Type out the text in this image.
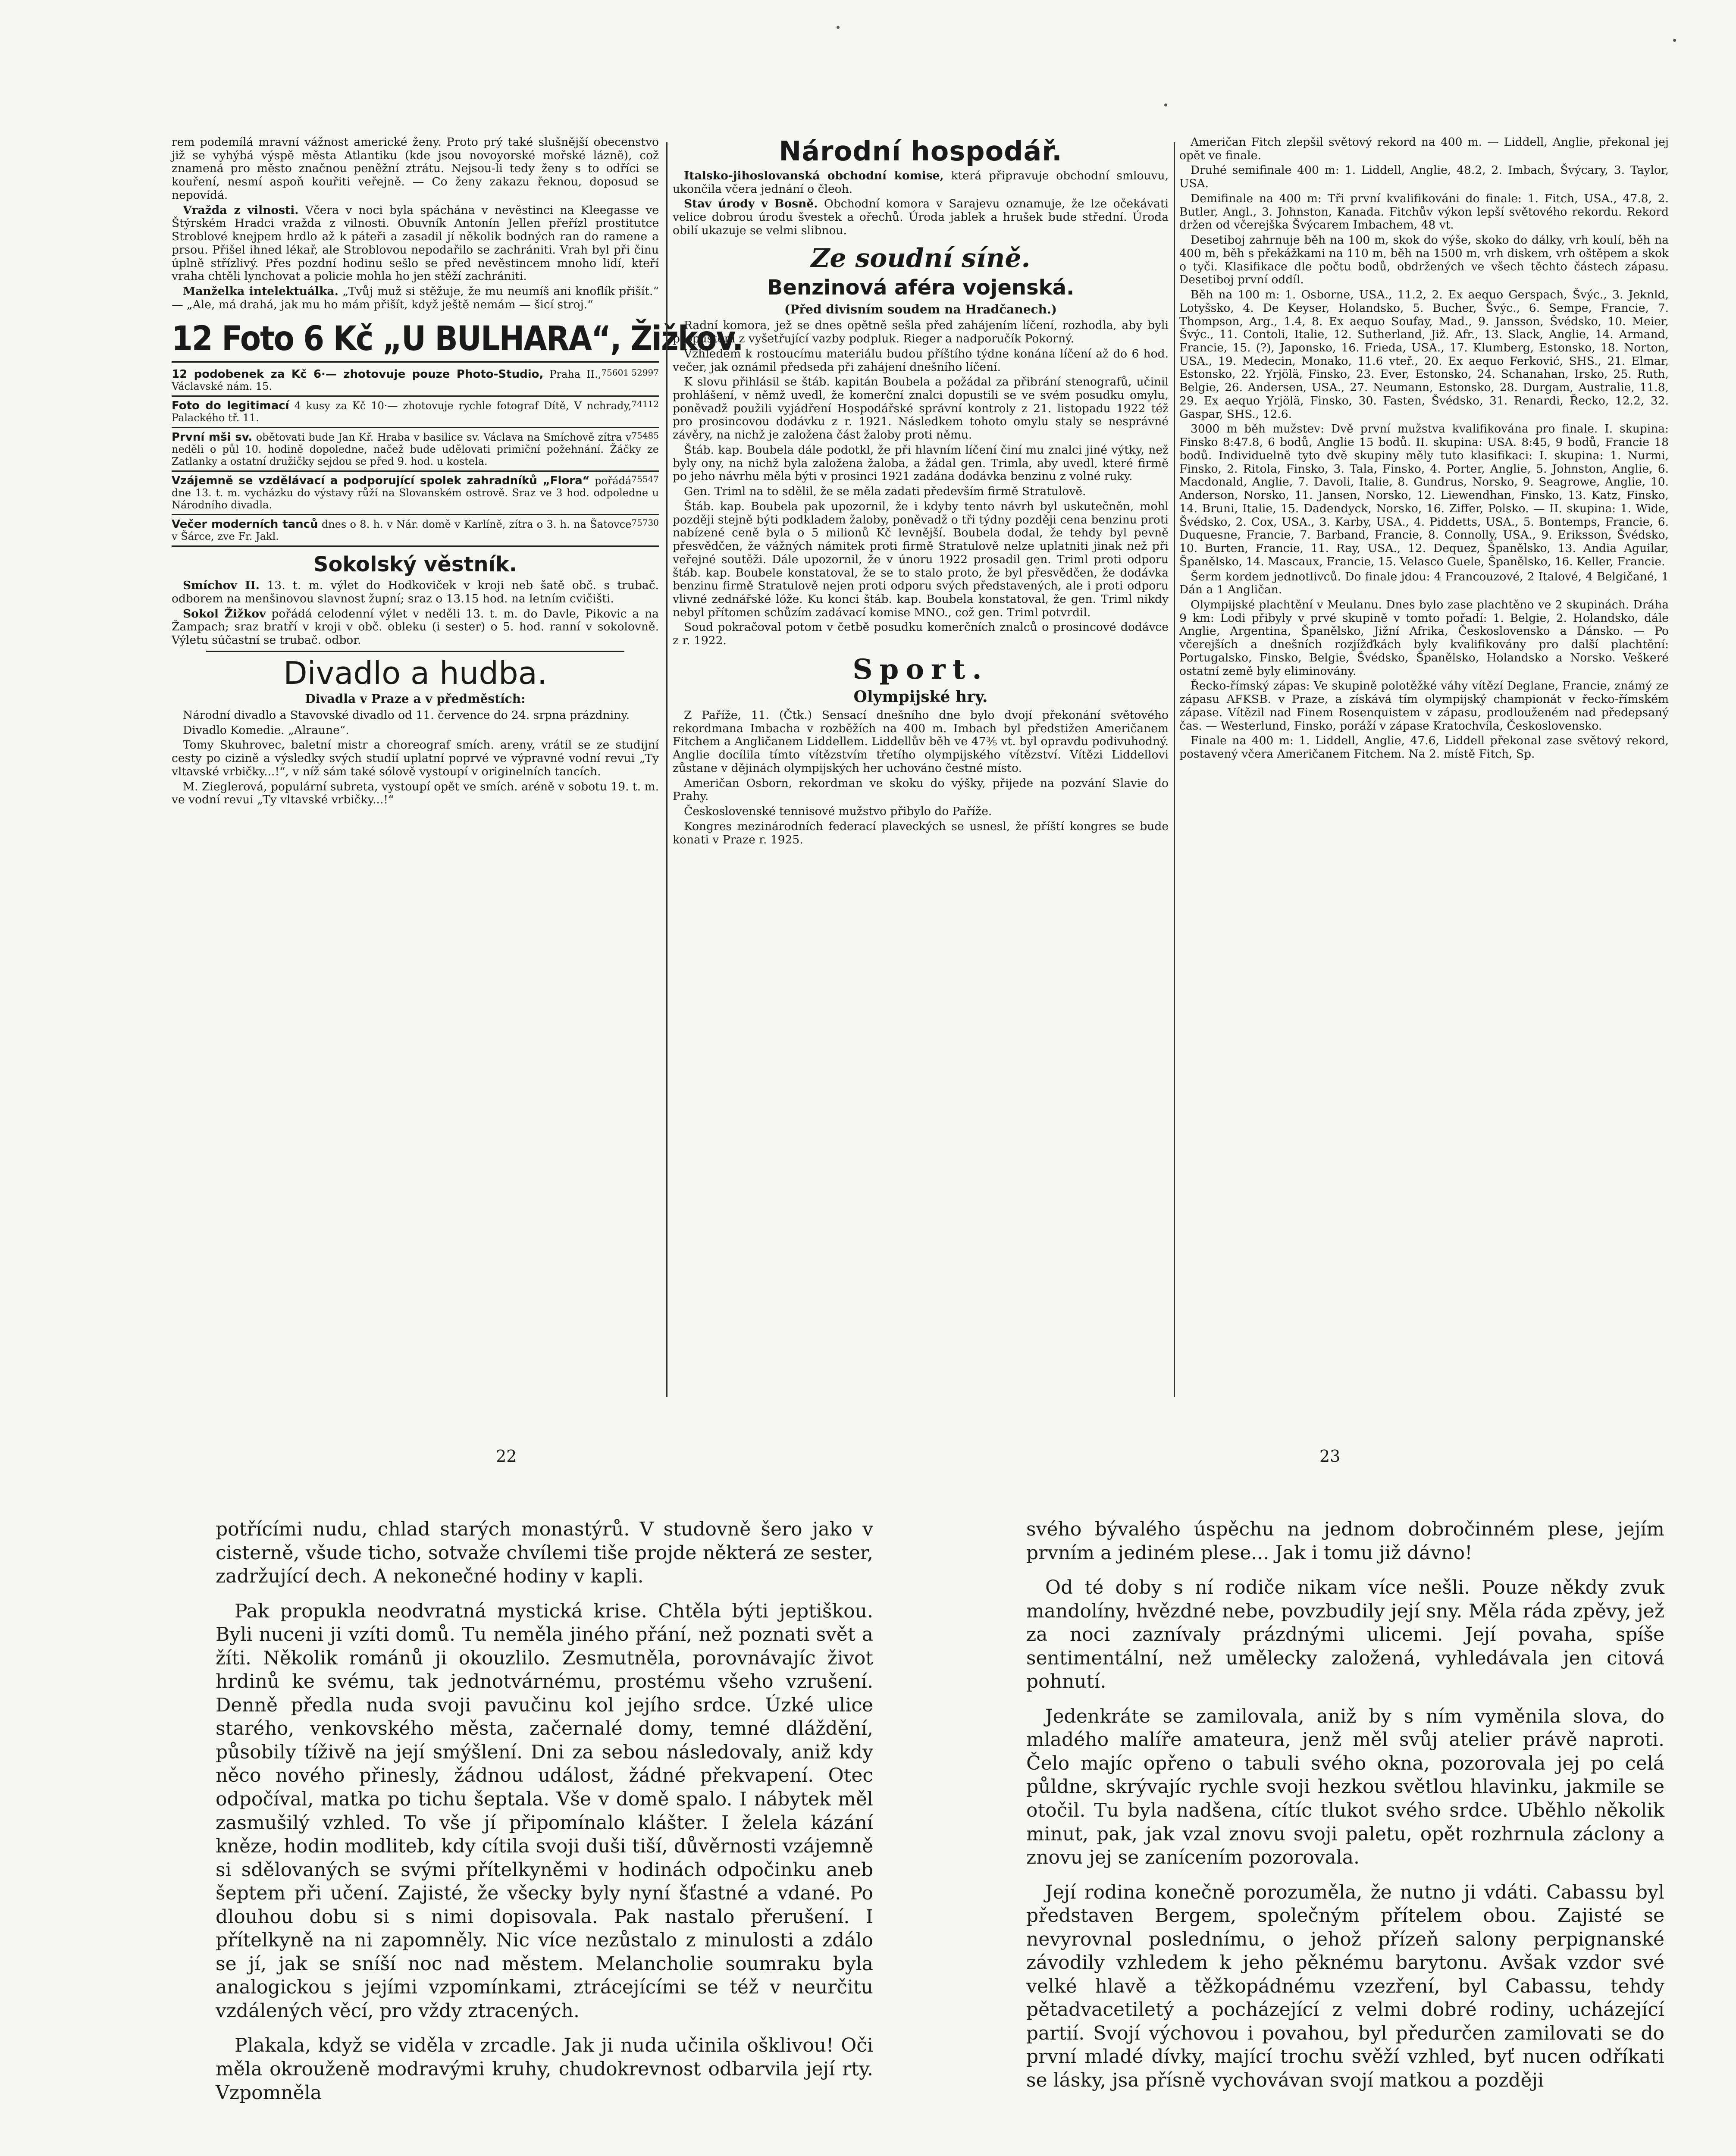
rem podemílá mravní vážnost americké ženy. Proto prý také slušnější obecenstvo již se vyhýbá výspě města Atlantiku (kde jsou novoyorské mořské lázně), což znamená pro město značnou peněžní ztrátu. Nejsou-li tedy ženy s to odříci se kouření, nesmí aspoň kouřiti veřejně. — Co ženy zakazu řeknou, doposud se nepovídá.

Vražda z vilnosti. Včera v noci byla spáchána v nevěstinci na Kleegasse ve Štýrském Hradci vražda z vilnosti. Obuvník Antonín Jellen přeřízl prostitutce Stroblové knejpem hrdlo až k páteři a zasadil jí několik bodných ran do ramene a prsou. Přišel ihned lékař, ale Stroblovou nepodařilo se zachrániti. Vrah byl při činu úplně střízlivý. Přes pozdní hodinu sešlo se před nevěstincem mnoho lidí, kteří vraha chtěli lynchovat a policie mohla ho jen stěží zachrániti.

Manželka intelektuálka. „Tvůj muž si stěžuje, že mu neumíš ani knoflík přišít.“ — „Ale, má drahá, jak mu ho mám přišít, když ještě nemám — šicí stroj.“

12 Foto 6 Kč „U BULHARA“, Žižkov.
75601 52997
12 podobenek za Kč 6·— zhotovuje pouze Photo-Studio, Praha II., Václavské nám. 15.
74112
Foto do legitimací 4 kusy za Kč 10·— zhotovuje rychle fotograf Dítě, V nchrady, Palackého tř. 11.
75485
První mši sv. obětovati bude Jan Kř. Hraba v basilice sv. Václava na Smíchově zítra v neděli o půl 10. hodině dopoledne, načež bude udělovati primiční požehnání. Žáčky ze Zatlanky a ostatní družičky sejdou se před 9. hod. u kostela.
75547
Vzájemně se vzdělávací a podporující spolek zahradníků „Flora“ pořádá dne 13. t. m. vycházku do výstavy růží na Slovanském ostrově. Sraz ve 3 hod. odpoledne u Národního divadla.
75730
Večer moderních tanců dnes o 8. h. v Nár. domě v Karlíně, zítra o 3. h. na Šatovce v Šárce, zve Fr. Jakl.
Sokolský věstník.

Smíchov II. 13. t. m. výlet do Hodkoviček v kroji neb šatě obč. s trubač. odborem na menšinovou slavnost župní; sraz o 13.15 hod. na letním cvičišti.

Sokol Žižkov pořádá celodenní výlet v neděli 13. t. m. do Davle, Pikovic a na Žampach; sraz bratří v kroji v obč. obleku (i sester) o 5. hod. ranní v sokolovně. Výletu súčastní se trubač. odbor.

Divadlo a hudba.
Divadla v Praze a v předměstích:

Národní divadlo a Stavovské divadlo od 11. července do 24. srpna prázdniny.

Divadlo Komedie. „Alraune“.

Tomy Skuhrovec, baletní mistr a choreograf smích. areny, vrátil se ze studijní cesty po cizině a výsledky svých studií uplatní poprvé ve výpravné vodní revui „Ty vltavské vrbičky...!“, v níž sám také sólově vystoupí v originelních tancích.

M. Zieglerová, populární subreta, vystoupí opět ve smích. aréně v sobotu 19. t. m. ve vodní revui „Ty vltavské vrbičky...!“

Národní hospodář.

Italsko-jihoslovanská obchodní komise, která připravuje obchodní smlouvu, ukončila včera jednání o čleoh.

Stav úrody v Bosně. Obchodní komora v Sarajevu oznamuje, že lze očekávati velice dobrou úrodu švestek a ořechů. Úroda jablek a hrušek bude střední. Úroda obilí ukazuje se velmi slibnou.

Ze soudní síně.
Benzinová aféra vojenská.
(Před divisním soudem na Hradčanech.)

Radní komora, jež se dnes opětně sešla před zahájením líčení, rozhodla, aby byli propuštěni z vyšetřující vazby podpluk. Rieger a nadporučík Pokorný.

Vzhledem k rostoucímu materiálu budou příštího týdne konána líčení až do 6 hod. večer, jak oznámil předseda při zahájení dnešního líčení.

K slovu přihlásil se štáb. kapitán Boubela a požádal za přibrání stenografů, učinil prohlášení, v němž uvedl, že komerční znalci dopustili se ve svém posudku omylu, poněvadž použili vyjádření Hospodářské správní kontroly z 21. listopadu 1922 též pro prosincovou dodávku z r. 1921. Následkem tohoto omylu staly se nesprávné závěry, na nichž je založena část žaloby proti němu.

Štáb. kap. Boubela dále podotkl, že při hlavním líčení činí mu znalci jiné výtky, než byly ony, na nichž byla založena žaloba, a žádal gen. Trimla, aby uvedl, které firmě po jeho návrhu měla býti v prosinci 1921 zadána dodávka benzinu z volné ruky.

Gen. Triml na to sdělil, že se měla zadati především firmě Stratulově.

Štáb. kap. Boubela pak upozornil, že i kdyby tento návrh byl uskutečněn, mohl později stejně býti podkladem žaloby, poněvadž o tři týdny později cena benzinu proti nabízené ceně byla o 5 milionů Kč levnější. Boubela dodal, že tehdy byl pevně přesvědčen, že vážných námitek proti firmě Stratulově nelze uplatniti jinak než při veřejné soutěži. Dále upozornil, že v únoru 1922 prosadil gen. Triml proti odporu štáb. kap. Boubele konstatoval, že se to stalo proto, že byl přesvědčen, že dodávka benzinu firmě Stratulově nejen proti odporu svých představených, ale i proti odporu vlivné zednářské lóže. Ku konci štáb. kap. Boubela konstatoval, že gen. Triml nikdy nebyl přítomen schůzím zadávací komise MNO., což gen. Triml potvrdil.

Soud pokračoval potom v četbě posudku komerčních znalců o prosincové dodávce z r. 1922.

Sport.
Olympijské hry.

Z Paříže, 11. (Čtk.) Sensací dnešního dne bylo dvojí překonání světového rekordmana Imbacha v rozběžích na 400 m. Imbach byl předstižen Američanem Fitchem a Angličanem Liddellem. Liddellův běh ve 47⅗ vt. byl opravdu podivuhodný. Anglie docílila tímto vítězstvím třetího olympijského vítězství. Vítězi Liddellovi zůstane v dějinách olympijských her uchováno čestné místo.

Američan Osborn, rekordman ve skoku do výšky, přijede na pozvání Slavie do Prahy.

Československé tennisové mužstvo přibylo do Paříže.

Kongres mezinárodních federací plaveckých se usnesl, že příští kongres se bude konati v Praze r. 1925.

Američan Fitch zlepšil světový rekord na 400 m. — Liddell, Anglie, překonal jej opět ve finale.

Druhé semifinale 400 m: 1. Liddell, Anglie, 48.2, 2. Imbach, Švýcary, 3. Taylor, USA.

Demifinale na 400 m: Tři první kvalifikováni do finale: 1. Fitch, USA., 47.8, 2. Butler, Angl., 3. Johnston, Kanada. Fitchův výkon lepší světového rekordu. Rekord držen od včerejška Švýcarem Imbachem, 48 vt.

Desetiboj zahrnuje běh na 100 m, skok do výše, skoko do dálky, vrh koulí, běh na 400 m, běh s překážkami na 110 m, běh na 1500 m, vrh diskem, vrh oštěpem a skok o tyči. Klasifikace dle počtu bodů, obdržených ve všech těchto částech zápasu. Desetiboj první oddíl.

Běh na 100 m: 1. Osborne, USA., 11.2, 2. Ex aequo Gerspach, Švýc., 3. Jeknld, Lotyšsko, 4. De Keyser, Holandsko, 5. Bucher, Švýc., 6. Sempe, Francie, 7. Thompson, Arg., 1.4, 8. Ex aequo Soufay, Mad., 9. Jansson, Švédsko, 10. Meier, Švýc., 11. Contoli, Italie, 12. Sutherland, Již. Afr., 13. Slack, Anglie, 14. Armand, Francie, 15. (?), Japonsko, 16. Frieda, USA., 17. Klumberg, Estonsko, 18. Norton, USA., 19. Medecin, Monako, 11.6 vteř., 20. Ex aequo Ferković, SHS., 21. Elmar, Estonsko, 22. Yrjölä, Finsko, 23. Ever, Estonsko, 24. Schanahan, Irsko, 25. Ruth, Belgie, 26. Andersen, USA., 27. Neumann, Estonsko, 28. Durgam, Australie, 11.8, 29. Ex aequo Yrjölä, Finsko, 30. Fasten, Švédsko, 31. Renardi, Řecko, 12.2, 32. Gaspar, SHS., 12.6.

3000 m běh mužstev: Dvě první mužstva kvalifikována pro finale. I. skupina: Finsko 8:47.8, 6 bodů, Anglie 15 bodů. II. skupina: USA. 8:45, 9 bodů, Francie 18 bodů. Individuelně tyto dvě skupiny měly tuto klasifikaci: I. skupina: 1. Nurmi, Finsko, 2. Ritola, Finsko, 3. Tala, Finsko, 4. Porter, Anglie, 5. Johnston, Anglie, 6. Macdonald, Anglie, 7. Davoli, Italie, 8. Gundrus, Norsko, 9. Seagrowe, Anglie, 10. Anderson, Norsko, 11. Jansen, Norsko, 12. Liewendhan, Finsko, 13. Katz, Finsko, 14. Bruni, Italie, 15. Dadendyck, Norsko, 16. Ziffer, Polsko. — II. skupina: 1. Wide, Švédsko, 2. Cox, USA., 3. Karby, USA., 4. Piddetts, USA., 5. Bontemps, Francie, 6. Duquesne, Francie, 7. Barband, Francie, 8. Connolly, USA., 9. Eriksson, Švédsko, 10. Burten, Francie, 11. Ray, USA., 12. Dequez, Španělsko, 13. Andia Aguilar, Španělsko, 14. Mascaux, Francie, 15. Velasco Guele, Španělsko, 16. Keller, Francie.

Šerm kordem jednotlivců. Do finale jdou: 4 Francouzové, 2 Italové, 4 Belgičané, 1 Dán a 1 Angličan.

Olympijské plachtění v Meulanu. Dnes bylo zase plachtěno ve 2 skupinách. Dráha 9 km: Lodi přibyly v prvé skupině v tomto pořadí: 1. Belgie, 2. Holandsko, dále Anglie, Argentina, Španělsko, Jižní Afrika, Československo a Dánsko. — Po včerejších a dnešních rozjížďkách byly kvalifikovány pro další plachtění: Portugalsko, Finsko, Belgie, Švédsko, Španělsko, Holandsko a Norsko. Veškeré ostatní země byly eliminovány.

Řecko-římský zápas: Ve skupině polotěžké váhy vítězí Deglane, Francie, známý ze zápasu AFKSB. v Praze, a získává tím olympijský championát v řecko-římském zápase. Vítězil nad Finem Rosenquistem v zápasu, prodlouženém nad předepsaný čas. — Westerlund, Finsko, poráží v zápase Kratochvíla, Československo.

Finale na 400 m: 1. Liddell, Anglie, 47.6, Liddell překonal zase světový rekord, postavený včera Američanem Fitchem. Na 2. místě Fitch, Sp.

22	23

potřícími nudu, chlad starých monastýrů. V studovně šero jako v cisterně, všude ticho, sotvaže chvílemi tiše projde některá ze sester, zadržující dech. A nekonečné hodiny v kapli.

Pak propukla neodvratná mystická krise. Chtěla býti jeptiškou. Byli nuceni ji vzíti domů. Tu neměla jiného přání, než poznati svět a žíti. Několik románů ji okouzlilo. Zesmutněla, porovnávajíc život hrdinů ke svému, tak jednotvárnému, prostému všeho vzrušení. Denně předla nuda svoji pavučinu kol jejího srdce. Úzké ulice starého, venkovského města, začernalé domy, temné dláždění, působily tíživě na její smýšlení. Dni za sebou následovaly, aniž kdy něco nového přinesly, žádnou událost, žádné překvapení. Otec odpočíval, matka po tichu šeptala. Vše v domě spalo. I nábytek měl zasmušilý vzhled. To vše jí připomínalo klášter. I želela kázání kněze, hodin modliteb, kdy cítila svoji duši tiší, důvěrnosti vzájemně si sdělovaných se svými přítelkyněmi v hodinách odpočinku aneb šeptem při učení. Zajisté, že všecky byly nyní šťastné a vdané. Po dlouhou dobu si s nimi dopisovala. Pak nastalo přerušení. I přítelkyně na ni zapomněly. Nic více nezůstalo z minulosti a zdálo se jí, jak se sníší noc nad městem. Melancholie soumraku byla analogickou s jejími vzpomínkami, ztrácejícími se též v neurčitu vzdálených věcí, pro vždy ztracených.

Plakala, když se viděla v zrcadle. Jak ji nuda učinila ošklivou! Oči měla okrouženě modravými kruhy, chudokrevnost odbarvila její rty. Vzpomněla

svého bývalého úspěchu na jednom dobročinném plese, jejím prvním a jediném plese... Jak i tomu již dávno!

Od té doby s ní rodiče nikam více nešli. Pouze někdy zvuk mandolíny, hvězdné nebe, povzbudily její sny. Měla ráda zpěvy, jež za noci zaznívaly prázdnými ulicemi. Její povaha, spíše sentimentální, než umělecky založená, vyhledávala jen citová pohnutí.

Jedenkráte se zamilovala, aniž by s ním vyměnila slova, do mladého malíře amateura, jenž měl svůj atelier právě naproti. Čelo majíc opřeno o tabuli svého okna, pozorovala jej po celá půldne, skrývajíc rychle svoji hezkou světlou hlavinku, jakmile se otočil. Tu byla nadšena, cítíc tlukot svého srdce. Uběhlo několik minut, pak, jak vzal znovu svoji paletu, opět rozhrnula záclony a znovu jej se zanícením pozorovala.

Její rodina konečně porozuměla, že nutno ji vdáti. Cabassu byl představen Bergem, společným přítelem obou. Zajisté se nevyrovnal poslednímu, o jehož přízeň salony perpignanské závodily vzhledem k jeho pěknému barytonu. Avšak vzdor své velké hlavě a těžkopádnému vzezření, byl Cabassu, tehdy pětadvacetiletý a pocházející z velmi dobré rodiny, ucházející partií. Svojí výchovou i povahou, byl předurčen zamilovati se do první mladé dívky, mající trochu svěží vzhled, byť nucen odříkati se lásky, jsa přísně vychovávan svojí matkou a později
